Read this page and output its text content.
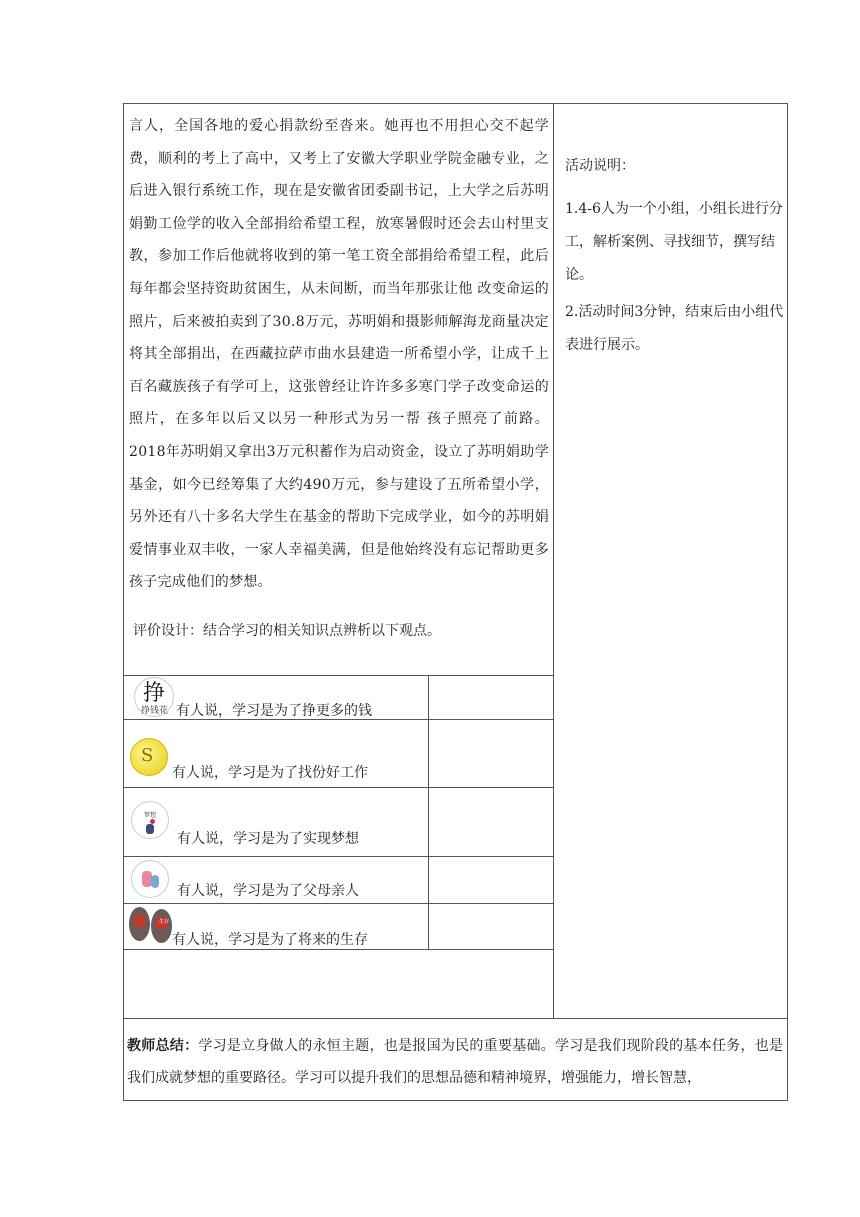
言人，全国各地的爱心捐款纷至沓来。她再也不用担心交不起学费，顺利的考上了高中，又考上了安徽大学职业学院金融专业，之后进入银行系统工作，现在是安徽省团委副书记，上大学之后苏明娟勤工俭学的收入全部捐给希望工程，放寒暑假时还会去山村里支教，参加工作后他就将收到的第一笔工资全部捐给希望工程，此后每年都会坚持资助贫困生，从未间断，而当年那张让他 改变命运的照片，后来被拍卖到了30.8万元，苏明娟和摄影师解海龙商量决定将其全部捐出，在西藏拉萨市曲水县建造一所希望小学，让成千上百名藏族孩子有学可上，这张曾经让许许多多寒门学子改变命运的照片，在多年以后又以另一种形式为另一帮 孩子照亮了前路。2018年苏明娟又拿出3万元积蓄作为启动资金，设立了苏明娟助学基金，如今已经筹集了大约490万元，参与建设了五所希望小学，另外还有八十多名大学生在基金的帮助下完成学业，如今的苏明娟爱情事业双丰收，一家人幸福美满，但是他始终没有忘记帮助更多孩子完成他们的梦想。

评价设计：结合学习的相关知识点辨析以下观点。
活动说明：
1.4-6人为一个小组，小组长进行分工，解析案例、寻找细节，撰写结论。
2.活动时间3分钟，结束后由小组代表进行展示。
挣
挣钱花 有人说，学习是为了挣更多的钱
S
有人说，学习是为了找份好工作
梦想
有人说，学习是为了实现梦想
有人说，学习是为了父母亲人
生存
有人说，学习是为了将来的生存
教师总结：学习是立身做人的永恒主题，也是报国为民的重要基础。学习是我们现阶段的基本任务，也是我们成就梦想的重要路径。学习可以提升我们的思想品德和精神境界，增强能力，增长智慧，
